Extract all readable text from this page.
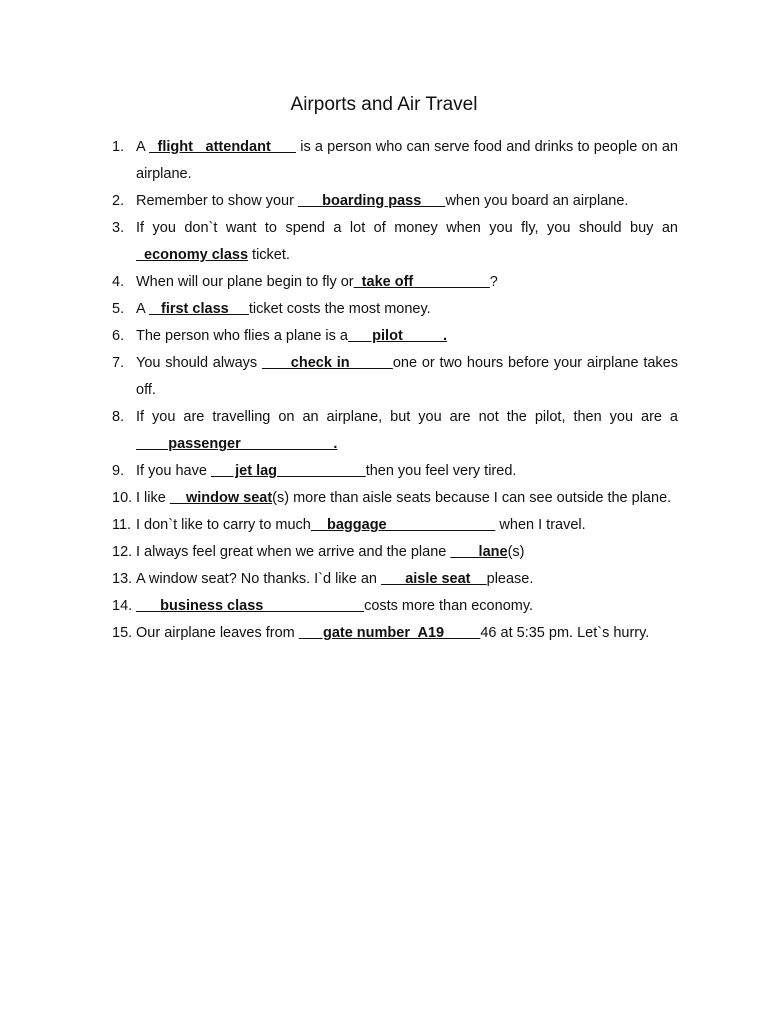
Airports and Air Travel
1. A   flight   attendant       is a person who can serve food and drinks to people on an airplane.
2. Remember to show your       boarding pass      when you board an airplane.
3. If you don`t want to spend a lot of money when you fly, you should buy an   economy class ticket.
4. When will our plane begin to fly or  take off	?
5. A    first class     ticket costs the most money.
6. The person who flies a plane is a      pilot          .
7. You should always       check in         one or two hours before your airplane takes off.
8. If you are travelling on an airplane, but you are not the pilot, then you are a        passenger                       .
9. If you have       jet lag	then you feel very tired.
10. I like     window seat(s) more than aisle seats because I can see outside the plane.
11. I don`t like to carry to much    baggage                            when I travel.
12. I always feel great when we arrive and the plane        lane(s)
13. A window seat? No thanks. I`d like an       aisle seat    please.
14. business class                         costs more than economy.
15. Our airplane leaves from       gate number  A19         46 at 5:35 pm. Let`s hurry.
